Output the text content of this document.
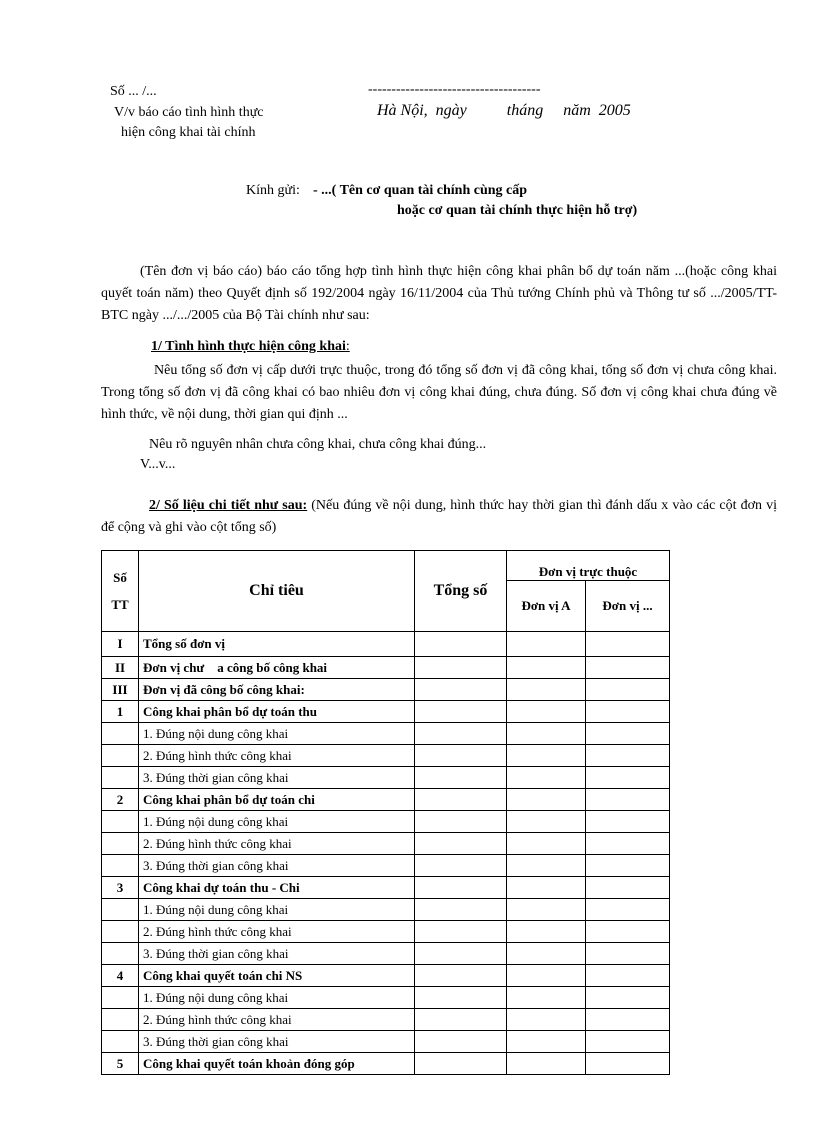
Số ... /...
V/v báo cáo tình hình thực
hiện công khai tài chính
-------------------------------------
Hà Nội,  ngày          tháng     năm  2005
Kính gửi: - ...( Tên cơ quan tài chính cùng cấp
hoặc cơ quan tài chính thực hiện hỗ trợ)
(Tên đơn vị báo cáo) báo cáo tổng hợp tình hình thực hiện công khai phân bổ dự toán năm ...(hoặc công khai quyết toán năm) theo Quyết định số 192/2004 ngày 16/11/2004 của Thủ tướng Chính phủ và Thông tư số .../2005/TT-BTC ngày .../.../2005 của Bộ Tài chính như sau:
1/ Tình hình thực hiện công khai:
Nêu tổng số đơn vị cấp dưới trực thuộc, trong đó tổng số đơn vị đã công khai, tổng số đơn vị chưa công khai. Trong tổng số đơn vị đã công khai có bao nhiêu đơn vị công khai đúng, chưa đúng. Số đơn vị công khai chưa đúng về hình thức, về nội dung, thời gian qui định ...
Nêu rõ nguyên nhân chưa công khai, chưa công khai đúng...
V...v...
2/ Số liệu chi tiết như sau: (Nếu đúng về nội dung, hình thức hay thời gian thì đánh dấu x vào các cột đơn vị để cộng và ghi vào cột tổng số)
Số
TT	Chỉ tiêu	Tổng số	Đơn vị trực thuộc	
			Đơn vị A	Đơn vị ...
I	Tổng số đơn vị			
II	Đơn vị chư    a công bố công khai			
III	Đơn vị đã công bố công khai:			
1	Công khai phân bổ dự toán thu			
	1. Đúng nội dung công khai			
	2. Đúng hình thức công khai			
	3. Đúng thời gian công khai			
2	Công khai phân bổ dự toán chi			
	1. Đúng nội dung công khai			
	2. Đúng hình thức công khai			
	3. Đúng thời gian công khai			
3	Công khai dự toán thu - Chi			
	1. Đúng nội dung công khai			
	2. Đúng hình thức công khai			
	3. Đúng thời gian công khai			
4	Công khai quyết toán chi NS			
	1. Đúng nội dung công khai			
	2. Đúng hình thức công khai			
	3. Đúng thời gian công khai			
5	Công khai quyết toán khoản đóng góp			
